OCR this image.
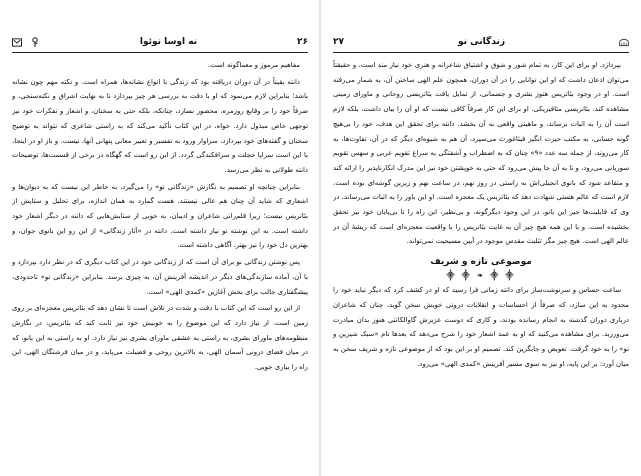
۲۶
نه اوسا نوئوا

مفاهیم مرموز و معماگونه است.

دانته یقیناً در آن دوران دریافته بود که زندگی با انواع نشانه‌ها، همراه است. و نکته مهم چون نشانه باشد؛ بنابراین لازم می‌نمود که او با دقت به بررسی هر چیز بپردازد تا به نهایت اشراق و نکته‌سنجی، و صرفاً خود را بر وقایع روزمره، محصور نسازد، چنانکه، بلکه حتی به سخنان، و اشعار و تفکرات خود نیز توجهی خاص مبذول دارد. خواه، در این کتاب تأکید می‌کند که به راستی شاعری که نتواند به توضیح سخنان و گفته‌های خود بپردازد، سزاوار ورود به تفسیر و تعبیر معانی پنهانی آنها، نیست. و باز او در اینجا، با این است سراپا خجلت و سرافکندگی گردد. از این رو است که گهگاه در برخی از قسمت‌ها، توضیحات دانته طولانی به نظر می‌رسد.

بنابراین چنانچه او تصمیم به نگارش «زندگانی نو» را می‌گیرد، به خاطر این نیست که به دیوان‌ها و اشعاری که شاید آن چنان هم عالی نیستند، هست گمارد به همان اندازه، برای تحلیل و ستایش از بئاتریس نیست؛ زیرا قلم‌رانی شاعران و ادیبان، به خوبی از ستایش‌هایی که دانته در دیگر اشعار خود داشته است. به این نوشته نو نیاز داشته است. دانته در «آثار زندگانی» از این رو این بانوی جوان، و بهترین دل خود را نیز بهتر، آگاهی داشته است.

پس نوشتن زندگانی نو برای آن است که از زندگانی خود در این کتاب دیگری که در نظر دارد بپردازد و با آن، آماده سازندگی‌های دیگر در اندیشه آفرینش آن، به چیزی برسد. بنابراین «زندگانی نو» تاحدودی، پیشگفتاری جالب برای بخش آغازین «کمدی الهی» است.

از این رو است که این کتاب با دقت و شدت در تلاش است تا نشان دهد که بئاتریس معجزه‌ای بر روی زمین است. از نیاز دارد که این موضوع را به خوبیش خود نیز ثابت کند که بئاتریس، در نگارش منظومه‌های ماورای بشری، به راستی به عشقی ماورای بشری نیز نیاز دارد. او به راستی به این بانو، که در میان فضای درونی آسمان الهی، به بالاترین روحی و فضیلت می‌پاید، و در میان فرشتگان الهی، این راه را بیاری جویی.

زندگانی نو
۲۷

بپردازد. او برای این کار، به تمام شور و شوق و اشتیاق شاعرانه و هنری خود نیاز مند است، و حقیقتاً می‌توان اذعان داشت که او این توانایی را در آن دوران، همچون علم الهی ساختن آن، به شمار می‌رفته است. او در وجود بئاتریس هنوز بشری و جسمانی، از تمایل یافت بئاتریسی روحانی و ماورای زمینی مشاهده کند. بئاتریسی متافیزیکی. او برای این کار صرفاً کافی نیست که او آن را بیان داشت، بلکه لازم است آن را به اثبات برساند، و ماهیتی واقعی به آن بخشد. دانته برای تحقق این هدف، خود را بی‌هیچ گونه حسابی، به مکتب حیرت انگیز فیثاغورث می‌سپرد، آن هم به شیوه‌ای دیگر که در آن، تفاوت‌ها، به کار می‌روند، از جمله سه عدد «۹» چنان که به اضطراب و آشفتگی به سراغ تقویم عربی و سهس تقویم سوریانی می‌رود، و تا به آن جا پیش می‌رود که حتی به خویشتن خود نیز این مدرک انکارناپذیر را ارائه کند و متقاعد شود که بانوی انجیلی‌اش به راستی در روز نهم، در ساعت نهم و زیرین گوشه‌ای بوده است. لازم است که عالم هستی شهادت دهد که بئاتریس یک معجزه است. او این باور را به اثبات می‌رساند، در وی که قابلیت‌ها جیر این بانو، در این وجود دیگرگونه، و بی‌نظیر، این راه را تا بی‌پایان خود نیز تحقق بخشیده است. و با این همه هیچ چیز آن به غایت بئاتریس را با واقعیت معجزه‌ای است که ریشهٔ آن در عالم الهی است. هیچ چیز مگر تثلیث مقدس موجود در آیین مسیحیت نمی‌تواند.

موضوعی تازه و شریف
⸎ ⸎ ❧ ⸎ ⸎

ساعت حساس و سرنوشت‌ساز برای دانته زمانی فرا رسید که او در کشف کرد که دیگر نباید خود را محدود به این سازد، که صرفاً از احساسات و انقلابات درونی خویش سخن گوید، چنان که شاعران درباری دوران گذشته به انجام رسانده بودند، و کاری که دوست عزیزش گاوالکانتی هنوز بدان مبادرت می‌ورزید. برای مشاهده می‌کنید که او به عمد اشعار خود را شرح می‌دهد که بعدها نام «سبک شیرین و نو» را به خود گرفت. تعویض و جایگزین کند. تصمیم او بر این بود که از موضوعی تازه و شریف سخن به میان آورد: بر این پایه، او نیز به سوی مسیر آفرینش «کمدی الهی» می‌رود.
